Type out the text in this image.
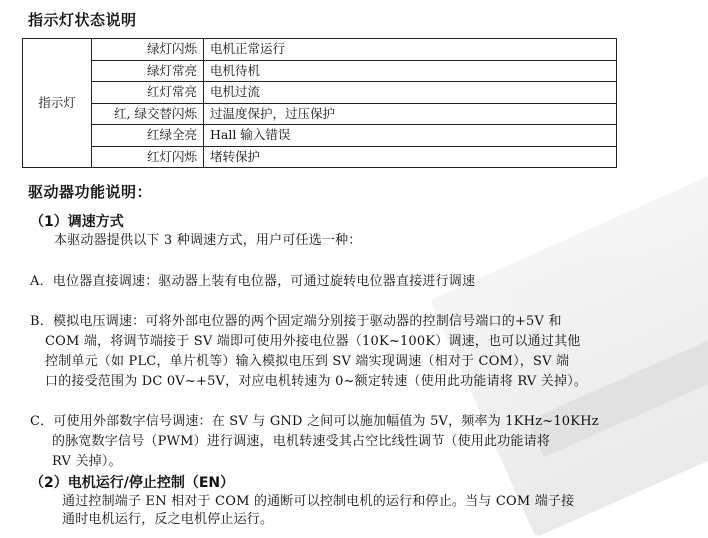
指示灯状态说明
指示灯	绿灯闪烁	电机正常运行
	绿灯常亮	电机待机
	红灯常亮	电机过流
	红, 绿交替闪烁	过温度保护，过压保护
	红绿全亮	Hall 输入错误
	红灯闪烁	堵转保护
驱动器功能说明：
（1）调速方式
本驱动器提供以下 3 种调速方式，用户可任选一种：
A．电位器直接调速：驱动器上装有电位器，可通过旋转电位器直接进行调速
B．模拟电压调速：可将外部电位器的两个固定端分别接于驱动器的控制信号端口的+5V 和
COM 端，将调节端接于 SV 端即可使用外接电位器（10K~100K）调速，也可以通过其他
控制单元（如 PLC，单片机等）输入模拟电压到 SV 端实现调速（相对于 COM），SV 端
口的接受范围为 DC 0V~+5V，对应电机转速为 0~额定转速（使用此功能请将 RV 关掉）。
C．可使用外部数字信号调速：在 SV 与 GND 之间可以施加幅值为 5V，频率为 1KHz~10KHz
的脉宽数字信号（PWM）进行调速，电机转速受其占空比线性调节（使用此功能请将
RV 关掉）。
（2）电机运行/停止控制（EN）
通过控制端子 EN 相对于 COM 的通断可以控制电机的运行和停止。当与 COM 端子接
通时电机运行，反之电机停止运行。
